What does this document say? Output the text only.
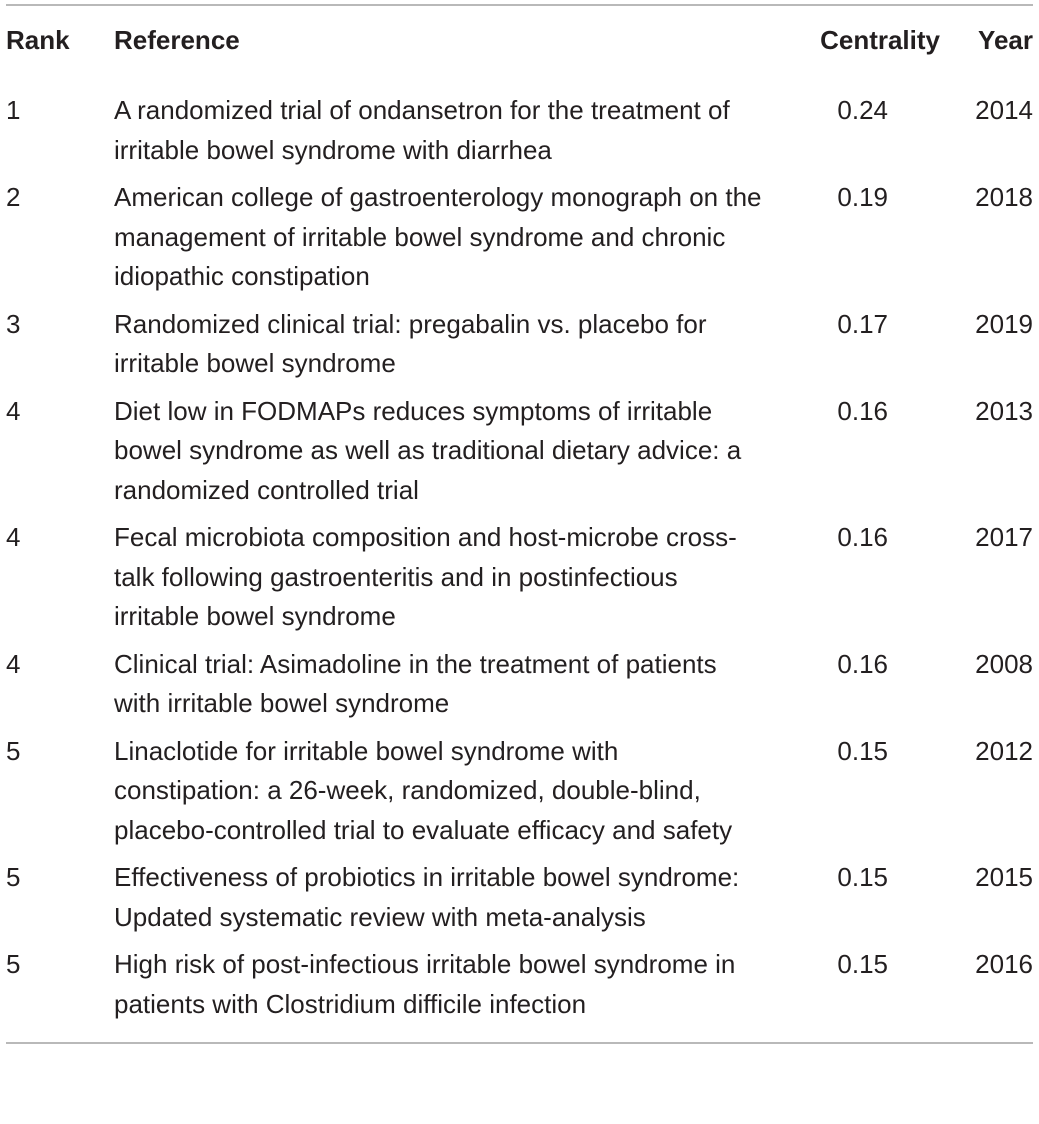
Rank	Reference	Centrality	Year
1	A randomized trial of ondansetron for the treatment of irritable bowel syndrome with diarrhea	0.24	2014
2	American college of gastroenterology monograph on the management of irritable bowel syndrome and chronic idiopathic constipation	0.19	2018
3	Randomized clinical trial: pregabalin vs. placebo for irritable bowel syndrome	0.17	2019
4	Diet low in FODMAPs reduces symptoms of irritable bowel syndrome as well as traditional dietary advice: a randomized controlled trial	0.16	2013
4	Fecal microbiota composition and host-microbe cross-talk following gastroenteritis and in postinfectious irritable bowel syndrome	0.16	2017
4	Clinical trial: Asimadoline in the treatment of patients with irritable bowel syndrome	0.16	2008
5	Linaclotide for irritable bowel syndrome with constipation: a 26-week, randomized, double-blind, placebo-controlled trial to evaluate efficacy and safety	0.15	2012
5	Effectiveness of probiotics in irritable bowel syndrome: Updated systematic review with meta-analysis	0.15	2015
5	High risk of post-infectious irritable bowel syndrome in patients with Clostridium difficile infection	0.15	2016
